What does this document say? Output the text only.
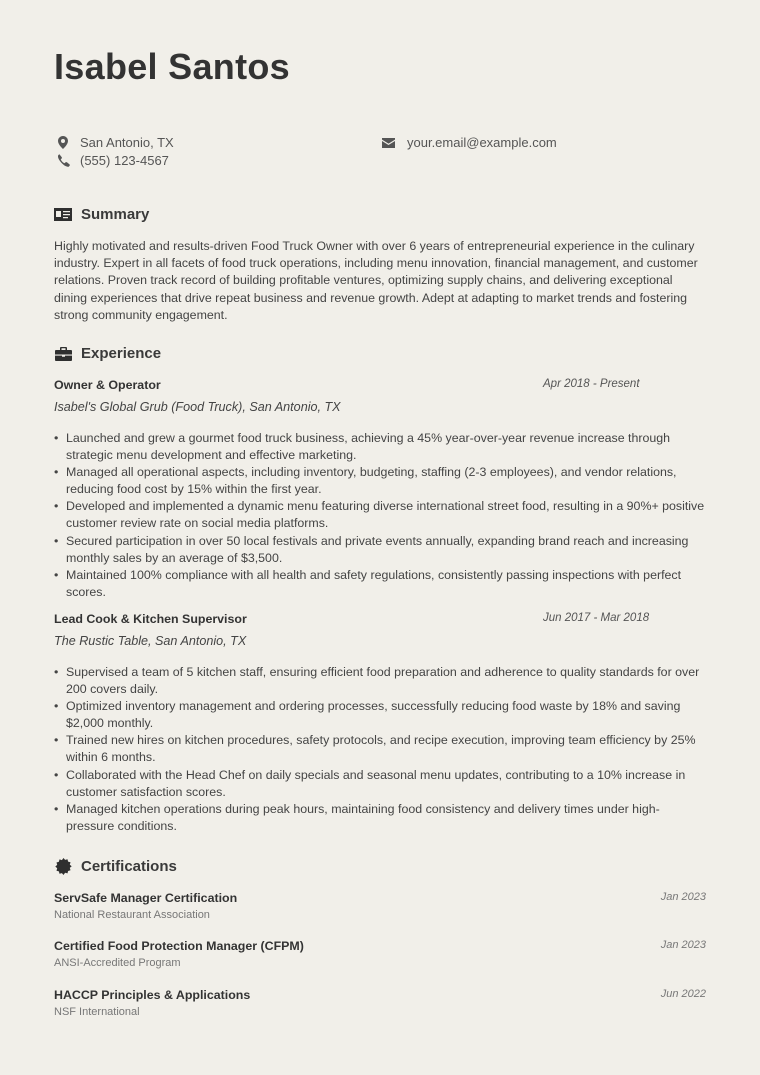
Isabel Santos
San Antonio, TX
(555) 123-4567
your.email@example.com
Summary

Highly motivated and results-driven Food Truck Owner with over 6 years of entrepreneurial experience in the culinary industry. Expert in all facets of food truck operations, including menu innovation, financial management, and customer relations. Proven track record of building profitable ventures, optimizing supply chains, and delivering exceptional dining experiences that drive repeat business and revenue growth. Adept at adapting to market trends and fostering strong community engagement.

Experience
Owner & Operator	Apr 2018 - Present
Isabel's Global Grub (Food Truck), San Antonio, TX
• Launched and grew a gourmet food truck business, achieving a 45% year-over-year revenue increase through strategic menu development and effective marketing.
• Managed all operational aspects, including inventory, budgeting, staffing (2-3 employees), and vendor relations, reducing food cost by 15% within the first year.
• Developed and implemented a dynamic menu featuring diverse international street food, resulting in a 90%+ positive customer review rate on social media platforms.
• Secured participation in over 50 local festivals and private events annually, expanding brand reach and increasing monthly sales by an average of $3,500.
• Maintained 100% compliance with all health and safety regulations, consistently passing inspections with perfect scores.
Lead Cook & Kitchen Supervisor	Jun 2017 - Mar 2018
The Rustic Table, San Antonio, TX
• Supervised a team of 5 kitchen staff, ensuring efficient food preparation and adherence to quality standards for over 200 covers daily.
• Optimized inventory management and ordering processes, successfully reducing food waste by 18% and saving $2,000 monthly.
• Trained new hires on kitchen procedures, safety protocols, and recipe execution, improving team efficiency by 25% within 6 months.
• Collaborated with the Head Chef on daily specials and seasonal menu updates, contributing to a 10% increase in customer satisfaction scores.
• Managed kitchen operations during peak hours, maintaining food consistency and delivery times under high-pressure conditions.
Certifications
ServSafe Manager Certification	Jan 2023
National Restaurant Association
Certified Food Protection Manager (CFPM)	Jan 2023
ANSI-Accredited Program
HACCP Principles & Applications	Jun 2022
NSF International
